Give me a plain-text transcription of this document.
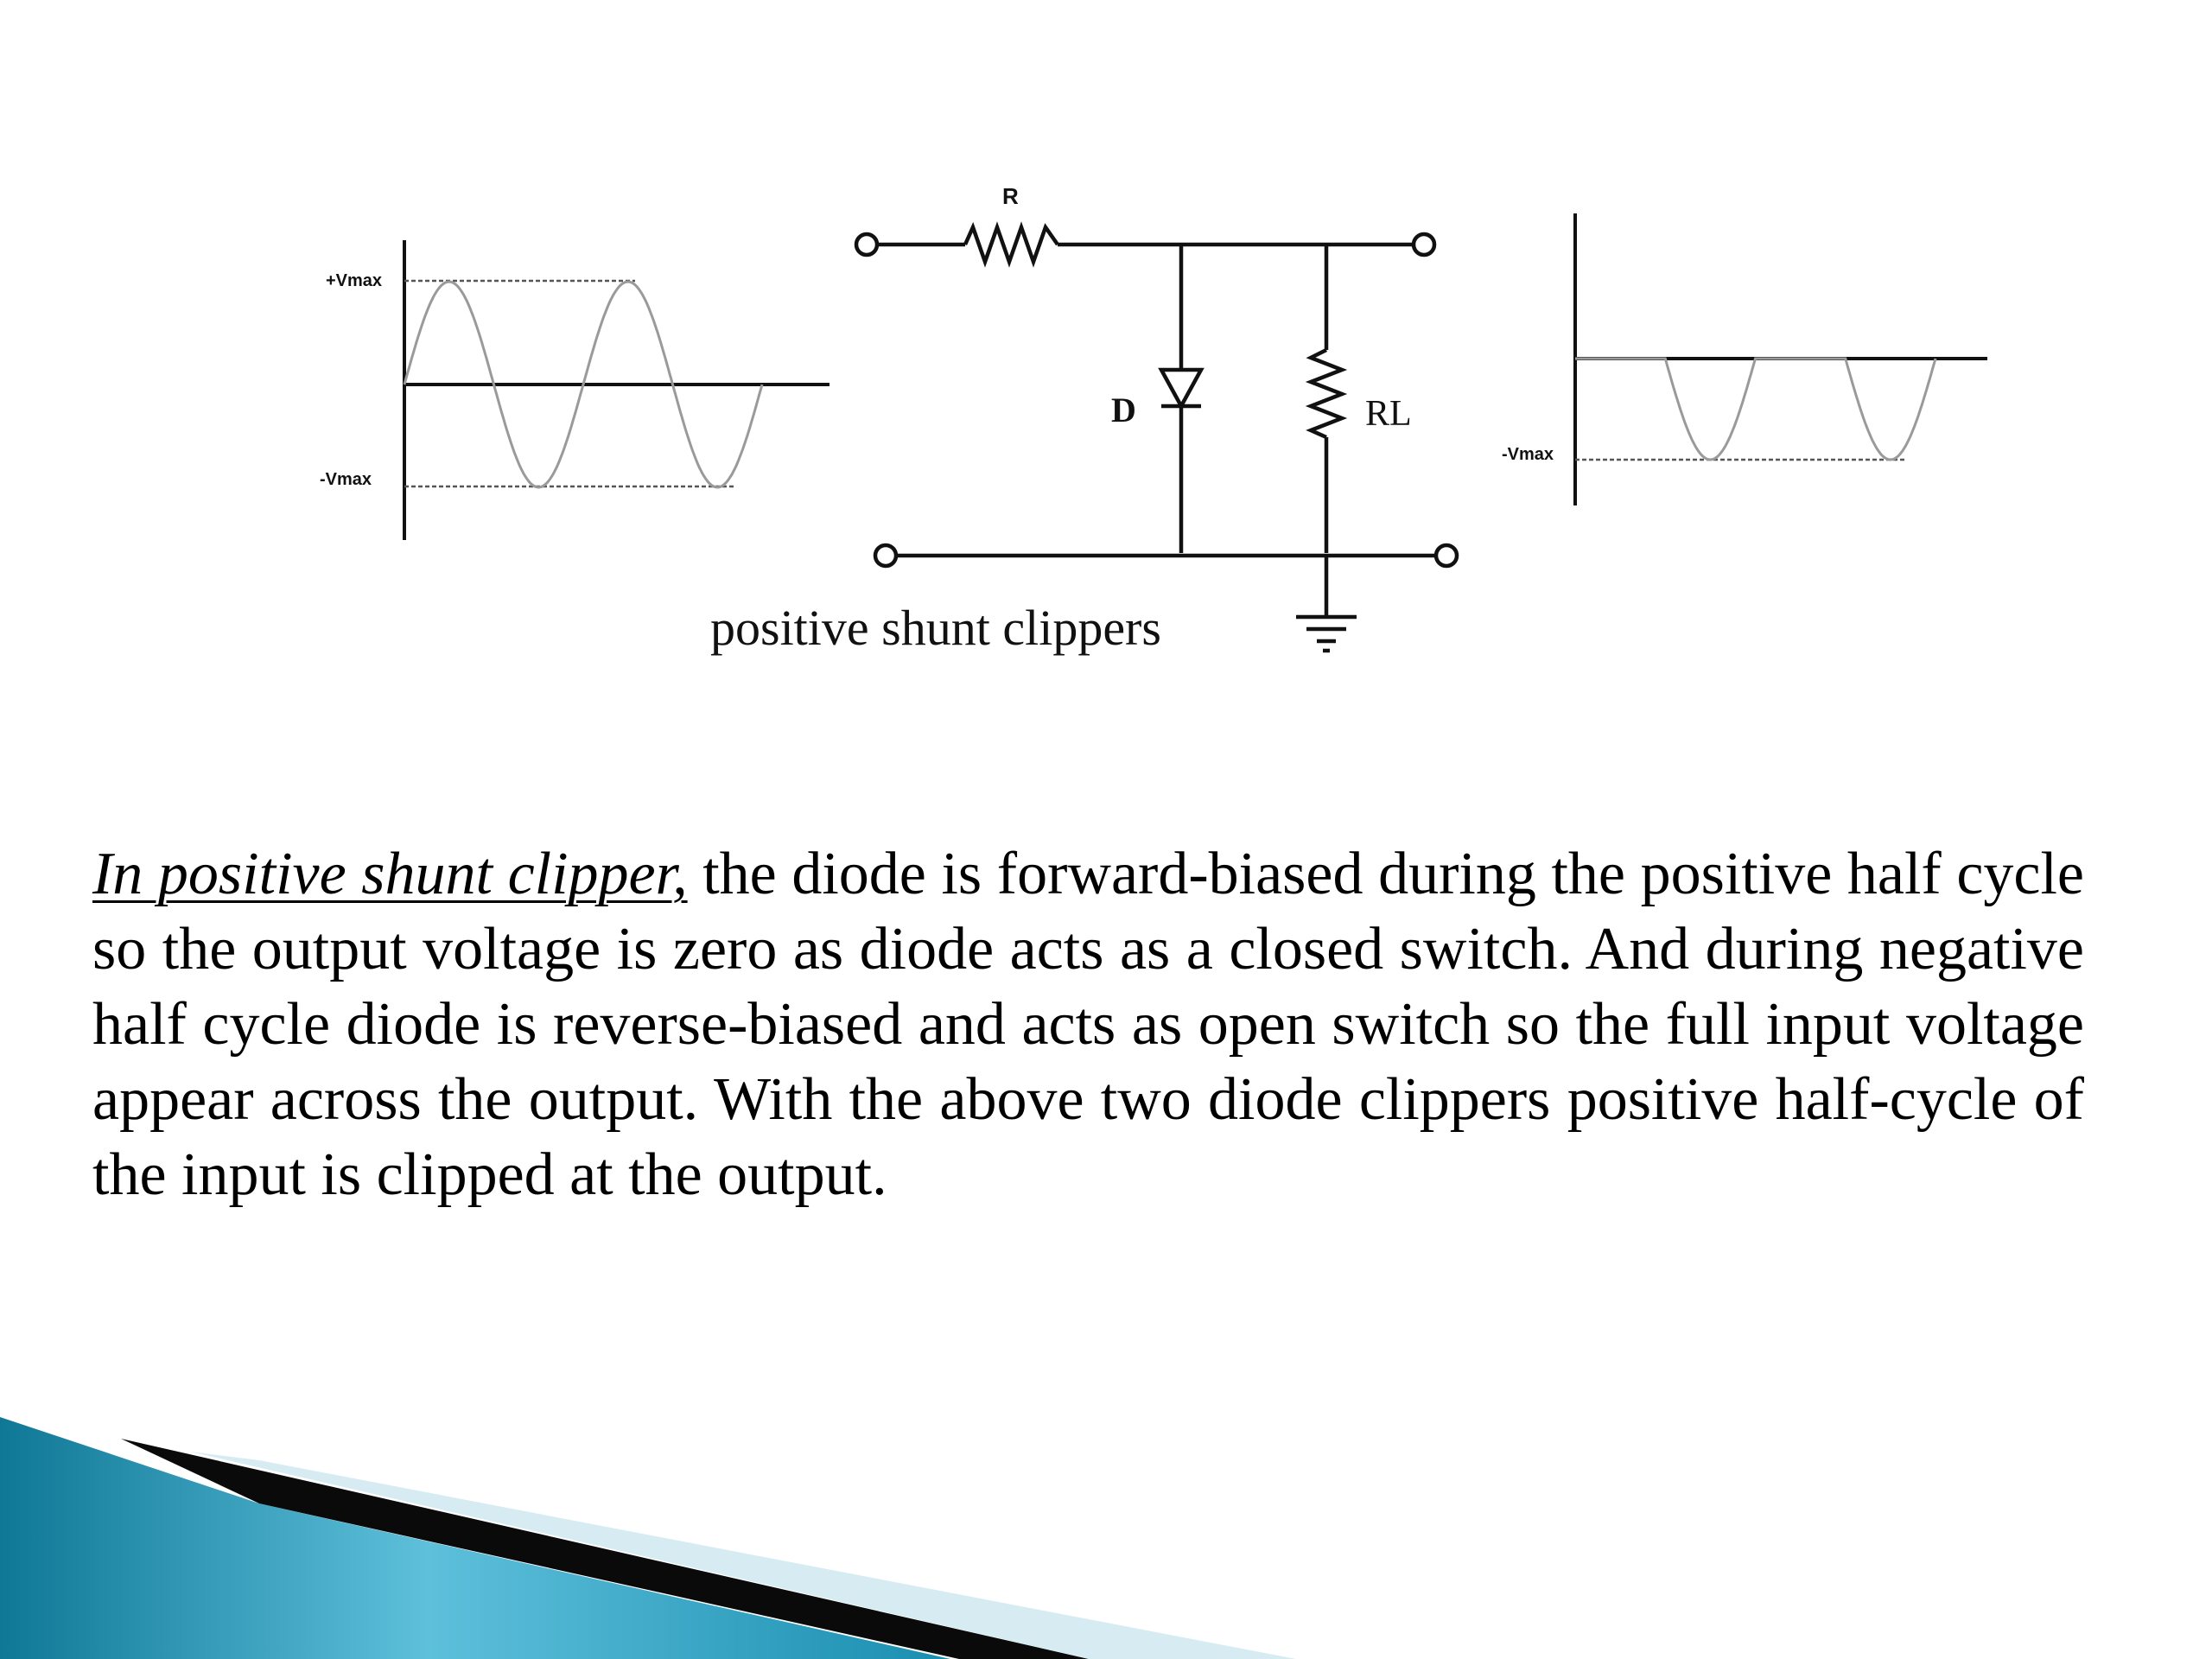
+Vmax
-Vmax
R
D	RL
positive shunt clippers
-Vmax

In positive shunt clipper, the diode is forward-biased during the positive half cycle so the output voltage is zero as diode acts as a closed switch. And during negative half cycle diode is reverse-biased and acts as open switch so the full input voltage appear across the output. With the above two diode clippers positive half-cycle of the input is clipped at the output.
